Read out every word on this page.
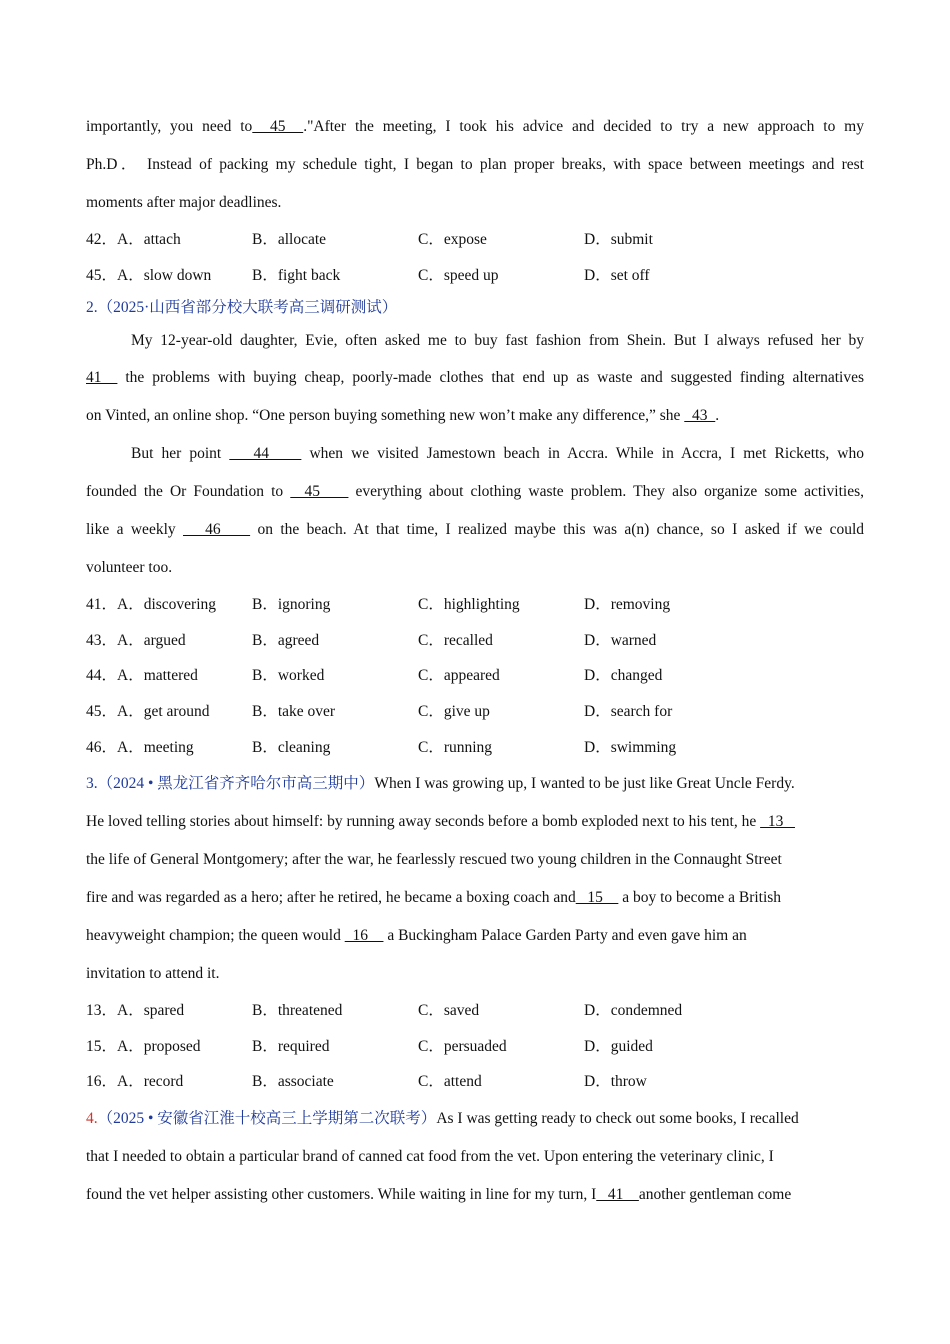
importantly, you need to  45  ."After the meeting, I took his advice and decided to try a new approach to my
Ph.D． Instead of packing my schedule tight, I began to plan proper breaks, with space between meetings and rest
moments after major deadlines.
42．A．attach	B．allocate	C．expose	D．submit
45．A．slow down	B．fight back	C．speed up	D．set off
2.（2025·山西省部分校大联考高三调研测试）
My 12-year-old daughter, Evie, often asked me to buy fast fashion from Shein. But I always refused her by
41   the problems with buying cheap, poorly-made clothes that end up as waste and suggested finding alternatives
on Vinted, an online shop. “One person buying something new won’t make any difference,” she   43  .
But her point    44     when we visited Jamestown beach in Accra. While in Accra, I met Ricketts, who
founded the Or Foundation to   45     everything about clothing waste problem. They also organize some activities,
like a weekly    46     on the beach. At that time, I realized maybe this was a(n) chance, so I asked if we could
volunteer too.
41．A．discovering B．ignoring	C．highlighting	D．removing
43．A．argued	B．agreed	C．recalled	D．warned
44．A．mattered	B．worked	C．appeared	D．changed
45．A．get around	B．take over	C．give up	D．search for
46．A．meeting	B．cleaning	C．running	D．swimming
3.（2024 • 黑龙江省齐齐哈尔市高三期中）When I was growing up, I wanted to be just like Great Uncle Ferdy.
He loved telling stories about himself: by running away seconds before a bomb exploded next to his tent, he   13
the life of General Montgomery; after the war, he fearlessly rescued two young children in the Connaught Street
fire and was regarded as a hero; after he retired, he became a boxing coach and   15     a boy to become a British
heavyweight champion; the queen would   16     a Buckingham Palace Garden Party and even gave him an
invitation to attend it.
13．A．spared	B．threatened	C．saved	D．condemned
15．A．proposed	B．required	C．persuaded	D．guided
16．A．record	B．associate	C．attend	D．throw
4.（2025 • 安徽省江淮十校高三上学期第二次联考）As I was getting ready to check out some books, I recalled
that I needed to obtain a particular brand of canned cat food from the vet. Upon entering the veterinary clinic, I
found the vet helper assisting other customers. While waiting in line for my turn, I   41    another gentleman come
